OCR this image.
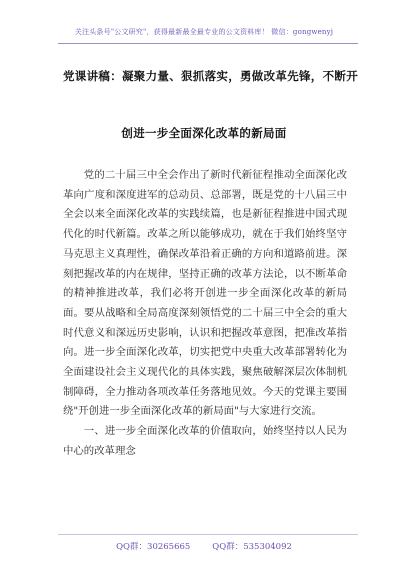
关注头条号"公文研究"，获得最新最全最专业的公文资料库！ 微信：gongwenyj
党课讲稿：凝聚力量、狠抓落实，勇做改革先锋，不断开
创进一步全面深化改革的新局面

党的二十届三中全会作出了新时代新征程推动全面深化改革向广度和深度进军的总动员、总部署，既是党的十八届三中全会以来全面深化改革的实践续篇，也是新征程推进中国式现代化的时代新篇。改革之所以能够成功，就在于我们始终坚守马克思主义真理性，确保改革沿着正确的方向和道路前进。深刻把握改革的内在规律，坚持正确的改革方法论，以不断革命的精神推进改革，我们必将开创进一步全面深化改革的新局面。要从战略和全局高度深刻领悟党的二十届三中全会的重大时代意义和深远历史影响，认识和把握改革意图，把准改革指向。进一步全面深化改革，切实把党中央重大改革部署转化为全面建设社会主义现代化的具体实践，聚焦破解深层次体制机制障碍，全力推动各项改革任务落地见效。今天的党课主要围绕"开创进一步全面深化改革的新局面"与大家进行交流。

一、进一步全面深化改革的价值取向，始终坚持以人民为中心的改革理念

QQ群：30265665	QQ群：535304092
